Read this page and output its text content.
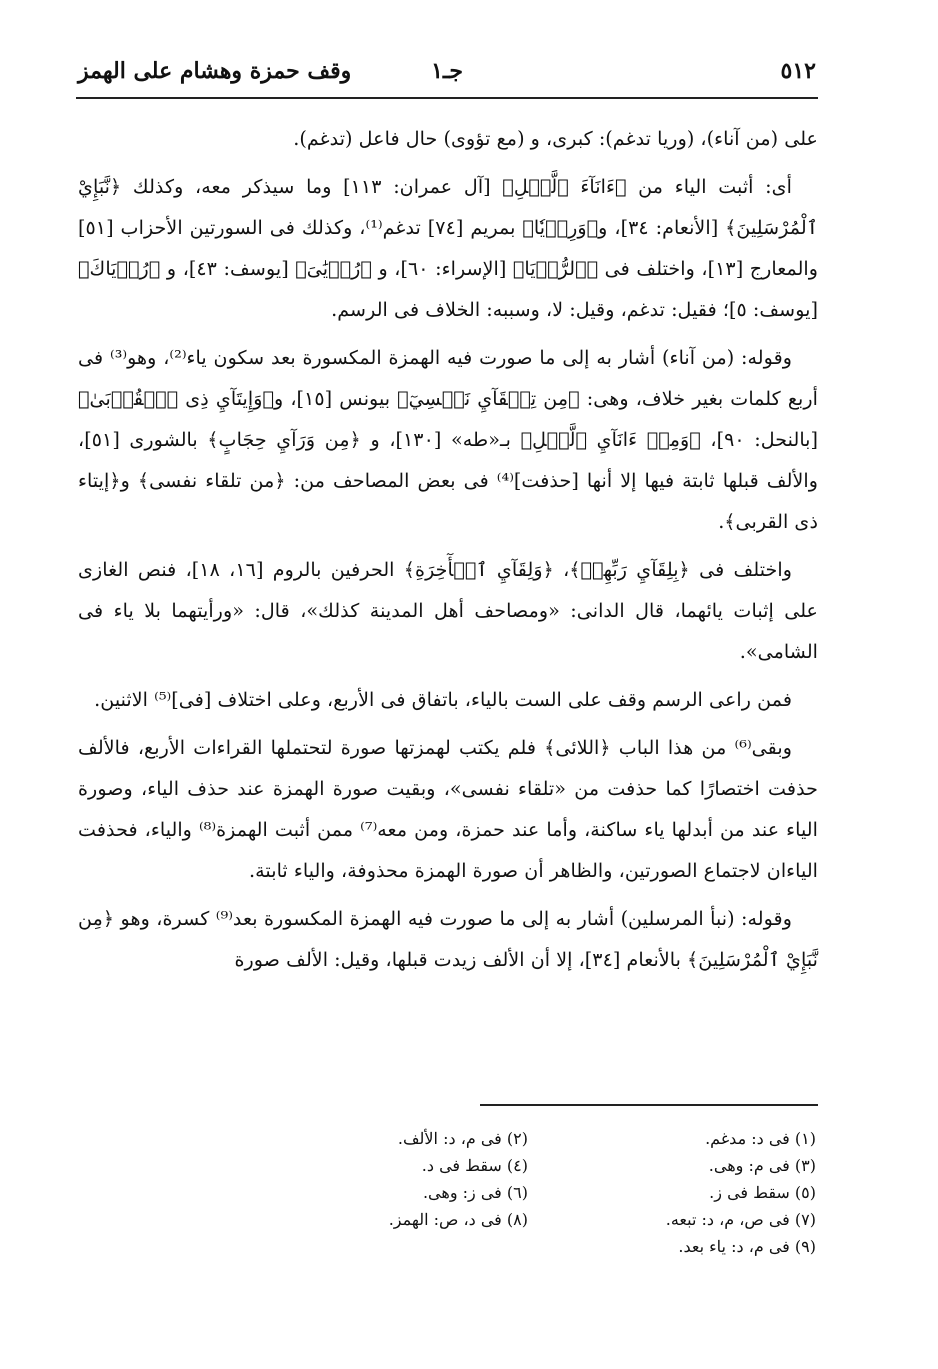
٥١٢
جـ١
وقف حمزة وهشام على الهمز

على (من آناء)، (وريا تدغم): كبرى، و (مع تؤوى) حال فاعل (تدغم).

أى: أثبت الياء من ﴿ءَانَآءَ ٱلَّيۡلِ﴾ [آل عمران: ١١٣] وما سيذكر معه، وكذلك ﴿نَّبَإِيْ ٱلْمُرْسَلِينَ﴾ [الأنعام: ٣٤]، و﴿وَرِءۡيٗا﴾ بمريم [٧٤] تدغم⁽¹⁾، وكذلك فى السورتين الأحزاب [٥١] والمعارج [١٣]، واختلف فى ﴿ٱلرُّءۡيَا﴾ [الإسراء: ٦٠]، و ﴿رُءۡيَٰىَ﴾ [يوسف: ٤٣]، و ﴿رُءۡيَاكَ﴾ [يوسف: ٥]؛ فقيل: تدغم، وقيل: لا، وسببه: الخلاف فى الرسم.

وقوله: (من آناء) أشار به إلى ما صورت فيه الهمزة المكسورة بعد سكون ياء⁽²⁾، وهو⁽³⁾ فى أربع كلمات بغير خلاف، وهى: ﴿مِن تِلۡقَآيِ نَفۡسِيٓ﴾ بيونس [١٥]، و﴿وَإِيتَآيِ ذِى ٱلۡقُرۡبَىٰ﴾ [بالنحل: ٩٠]، ﴿وَمِنۡ ءَانَآيِ ٱلَّيۡلِ﴾ بـ«طه» [١٣٠]، و ﴿مِن وَرَآيِ حِجَابٍ﴾ بالشورى [٥١]، والألف قبلها ثابتة فيها إلا أنها [حذفت]⁽⁴⁾ فى بعض المصاحف من: ﴿من تلقاء نفسى﴾ و﴿إيتاء ذى القربى﴾.

واختلف فى ﴿بِلِقَآيِ رَبِّهِمۡ﴾، ﴿وَلِقَآيِ ٱلۡأٓخِرَةِ﴾ الحرفين بالروم [١٦، ١٨]، فنص الغازى على إثبات يائهما، قال الدانى: «ومصاحف أهل المدينة كذلك»، قال: «ورأيتهما بلا ياء فى الشامى».

فمن راعى الرسم وقف على الست بالياء، باتفاق فى الأربع، وعلى اختلاف [فى]⁽⁵⁾ الاثنين.

وبقى⁽⁶⁾ من هذا الباب ﴿اللائى﴾ فلم يكتب لهمزتها صورة لتحتملها القراءات الأربع، فالألف حذفت اختصارًا كما حذفت من «تلقاء نفسى»، وبقيت صورة الهمزة عند حذف الياء، وصورة الياء عند من أبدلها ياء ساكنة، وأما عند حمزة، ومن معه⁽⁷⁾ ممن أثبت الهمزة⁽⁸⁾ والياء، فحذفت الياءان لاجتماع الصورتين، والظاهر أن صورة الهمزة محذوفة، والياء ثابتة.

وقوله: (نبأ المرسلين) أشار به إلى ما صورت فيه الهمزة المكسورة بعد⁽⁹⁾ كسرة، وهو ﴿مِن نَّبَإِيْ ٱلْمُرْسَلِينَ﴾ بالأنعام [٣٤]، إلا أن الألف زيدت قبلها، وقيل: الألف صورة

(١) فى د: مدغم.
(٢) فى م، د: الألف.
(٣) فى م: وهى.
(٤) سقط فى د.
(٥) سقط فى ز.
(٦) فى ز: وهى.
(٧) فى ص، م، د: تبعه.
(٨) فى د، ص: الهمز.
(٩) فى م، د: ياء بعد.
